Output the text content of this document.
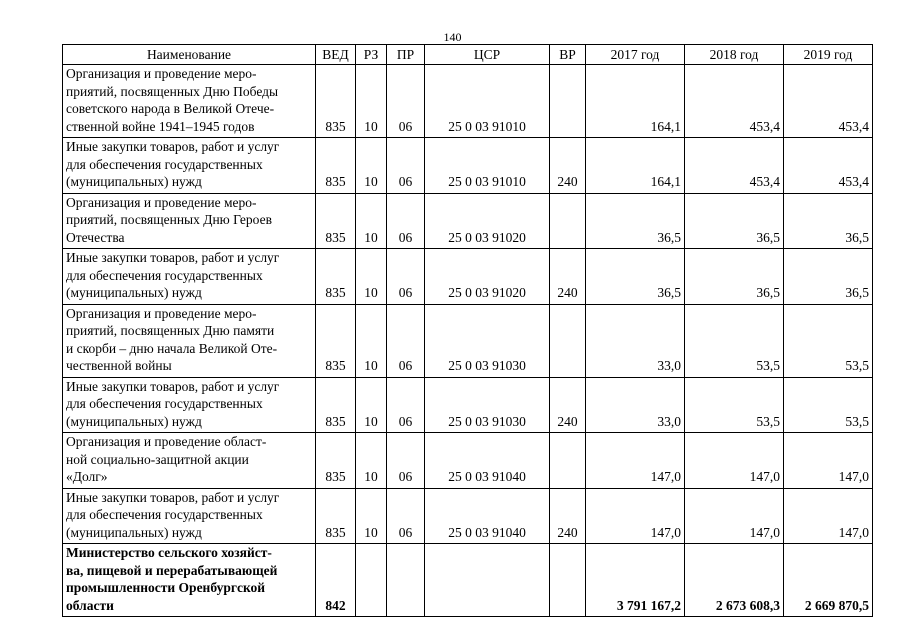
140
Наименование	ВЕД	РЗ	ПР	ЦСР	ВР	2017 год	2018 год	2019 год

Организация и проведение меро-
приятий, посвященных Дню Победы
советского народа в Великой Отече-
ственной войне 1941–1945 годов	835	10	06	25 0 03 91010		164,1	453,4	453,4

Иные закупки товаров, работ и услуг
для обеспечения государственных
(муниципальных) нужд	835	10	06	25 0 03 91010	240	164,1	453,4	453,4

Организация и проведение меро-
приятий, посвященных Дню Героев
Отечества	835	10	06	25 0 03 91020		36,5	36,5	36,5

Иные закупки товаров, работ и услуг
для обеспечения государственных
(муниципальных) нужд	835	10	06	25 0 03 91020	240	36,5	36,5	36,5

Организация и проведение меро-
приятий, посвященных Дню памяти
и скорби – дню начала Великой Оте-
чественной войны	835	10	06	25 0 03 91030		33,0	53,5	53,5

Иные закупки товаров, работ и услуг
для обеспечения государственных
(муниципальных) нужд	835	10	06	25 0 03 91030	240	33,0	53,5	53,5

Организация и проведение област-
ной социально-защитной акции
«Долг»	835	10	06	25 0 03 91040		147,0	147,0	147,0

Иные закупки товаров, работ и услуг
для обеспечения государственных
(муниципальных) нужд	835	10	06	25 0 03 91040	240	147,0	147,0	147,0

Министерство сельского хозяйст-
ва, пищевой и перерабатывающей
промышленности Оренбургской
области	842					3 791 167,2	2 673 608,3	2 669 870,5
